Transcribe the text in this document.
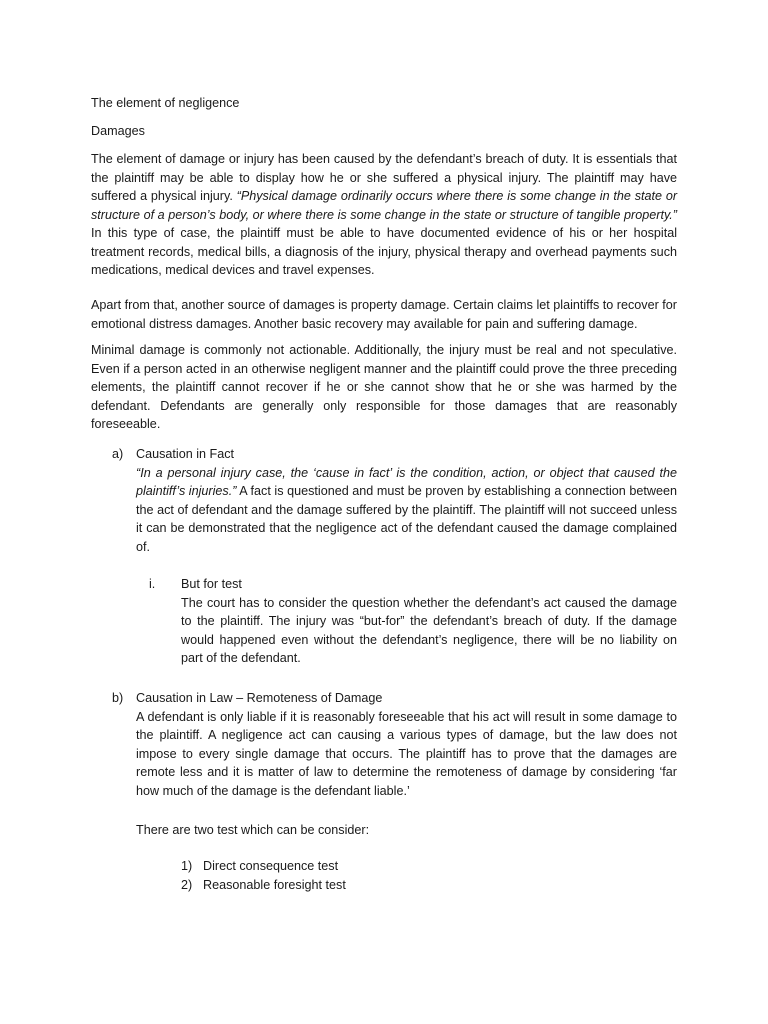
The element of negligence

Damages

The element of damage or injury has been caused by the defendant’s breach of duty. It is essentials that the plaintiff may be able to display how he or she suffered a physical injury. The plaintiff may have suffered a physical injury. “Physical damage ordinarily occurs where there is some change in the state or structure of a person’s body, or where there is some change in the state or structure of tangible property.” In this type of case, the plaintiff must be able to have documented evidence of his or her hospital treatment records, medical bills, a diagnosis of the injury, physical therapy and overhead payments such medications, medical devices and travel expenses.

Apart from that, another source of damages is property damage. Certain claims let plaintiffs to recover for emotional distress damages. Another basic recovery may available for pain and suffering damage.

Minimal damage is commonly not actionable. Additionally, the injury must be real and not speculative. Even if a person acted in an otherwise negligent manner and the plaintiff could prove the three preceding elements, the plaintiff cannot recover if he or she cannot show that he or she was harmed by the defendant. Defendants are generally only responsible for those damages that are reasonably foreseeable.

a) Causation in Fact
“In a personal injury case, the ‘cause in fact’ is the condition, action, or object that caused the plaintiff’s injuries.” A fact is questioned and must be proven by establishing a connection between the act of defendant and the damage suffered by the plaintiff. The plaintiff will not succeed unless it can be demonstrated that the negligence act of the defendant caused the damage complained of.
i. But for test
The court has to consider the question whether the defendant’s act caused the damage to the plaintiff. The injury was “but-for” the defendant’s breach of duty. If the damage would happened even without the defendant’s negligence, there will be no liability on part of the defendant.
b) Causation in Law – Remoteness of Damage
A defendant is only liable if it is reasonably foreseeable that his act will result in some damage to the plaintiff. A negligence act can causing a various types of damage, but the law does not impose to every single damage that occurs. The plaintiff has to prove that the damages are remote less and it is matter of law to determine the remoteness of damage by considering ‘far how much of the damage is the defendant liable.’

There are two test which can be consider:

1) Direct consequence test
2) Reasonable foresight test
